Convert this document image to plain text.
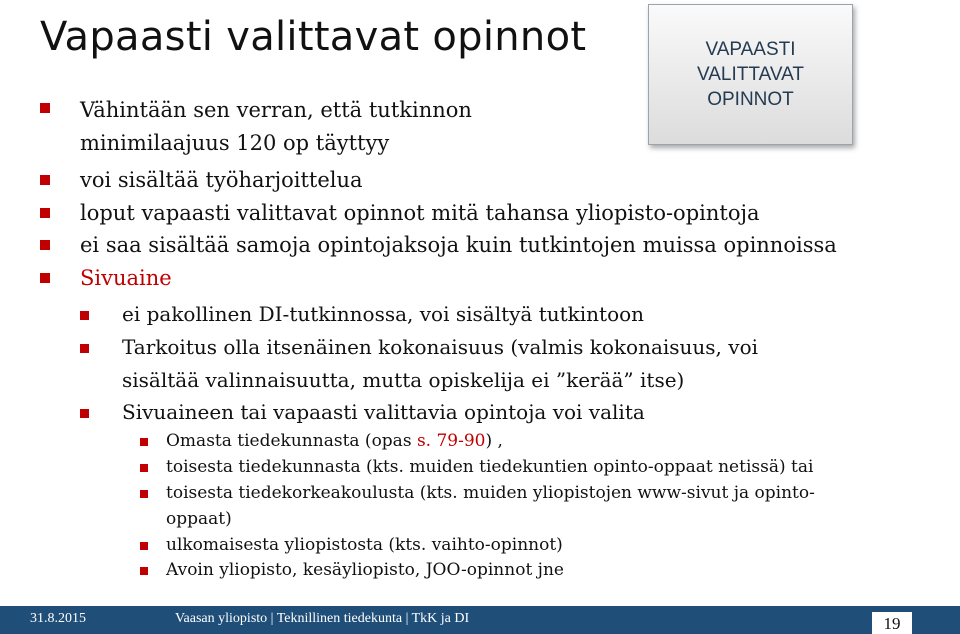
Vapaasti valittavat opinnot	VAPAASTI
VALITTAVAT
OPINNOT
Vähintään sen verran, että tutkinnon
minimilaajuus 120 op täyttyy
voi sisältää työharjoittelua
loput vapaasti valittavat opinnot mitä tahansa yliopisto-opintoja
ei saa sisältää samoja opintojaksoja kuin tutkintojen muissa opinnoissa
Sivuaine
ei pakollinen DI-tutkinnossa, voi sisältyä tutkintoon
Tarkoitus olla itsenäinen kokonaisuus (valmis kokonaisuus, voi
sisältää valinnaisuutta, mutta opiskelija ei ”kerää” itse)
Sivuaineen tai vapaasti valittavia opintoja voi valita
Omasta tiedekunnasta (opas s. 79-90) ,
toisesta tiedekunnasta (kts. muiden tiedekuntien opinto-oppaat netissä) tai
toisesta tiedekorkeakoulusta (kts. muiden yliopistojen www-sivut ja opinto-
oppaat)
ulkomaisesta yliopistosta (kts. vaihto-opinnot)
Avoin yliopisto, kesäyliopisto, JOO-opinnot jne
31.8.2015	Vaasan yliopisto | Teknillinen tiedekunta | TkK ja DI	19
